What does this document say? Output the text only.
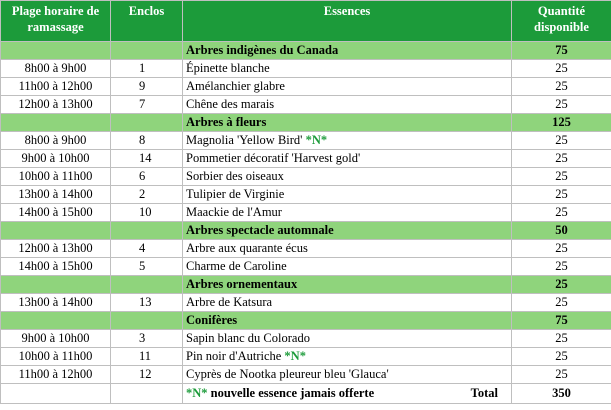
Plage horaire de ramassage	Enclos	Essences	Quantité disponible
		Arbres indigènes du Canada	75
8h00 à 9h00	1	Épinette blanche	25
11h00 à 12h00	9	Amélanchier glabre	25
12h00 à 13h00	7	Chêne des marais	25
		Arbres à fleurs	125
8h00 à 9h00	8	Magnolia 'Yellow Bird' *N*	25
9h00 à 10h00	14	Pommetier décoratif 'Harvest gold'	25
10h00 à 11h00	6	Sorbier des oiseaux	25
13h00 à 14h00	2	Tulipier de Virginie	25
14h00 à 15h00	10	Maackie de l'Amur	25
		Arbres spectacle automnale	50
12h00 à 13h00	4	Arbre aux quarante écus	25
14h00 à 15h00	5	Charme de Caroline	25
		Arbres ornementaux	25
13h00 à 14h00	13	Arbre de Katsura	25
		Conifères	75
9h00 à 10h00	3	Sapin blanc du Colorado	25
10h00 à 11h00	11	Pin noir d'Autriche *N*	25
11h00 à 12h00	12	Cyprès de Nootka pleureur bleu 'Glauca'	25
		*N* nouvelle essence jamais offerte Total	350
